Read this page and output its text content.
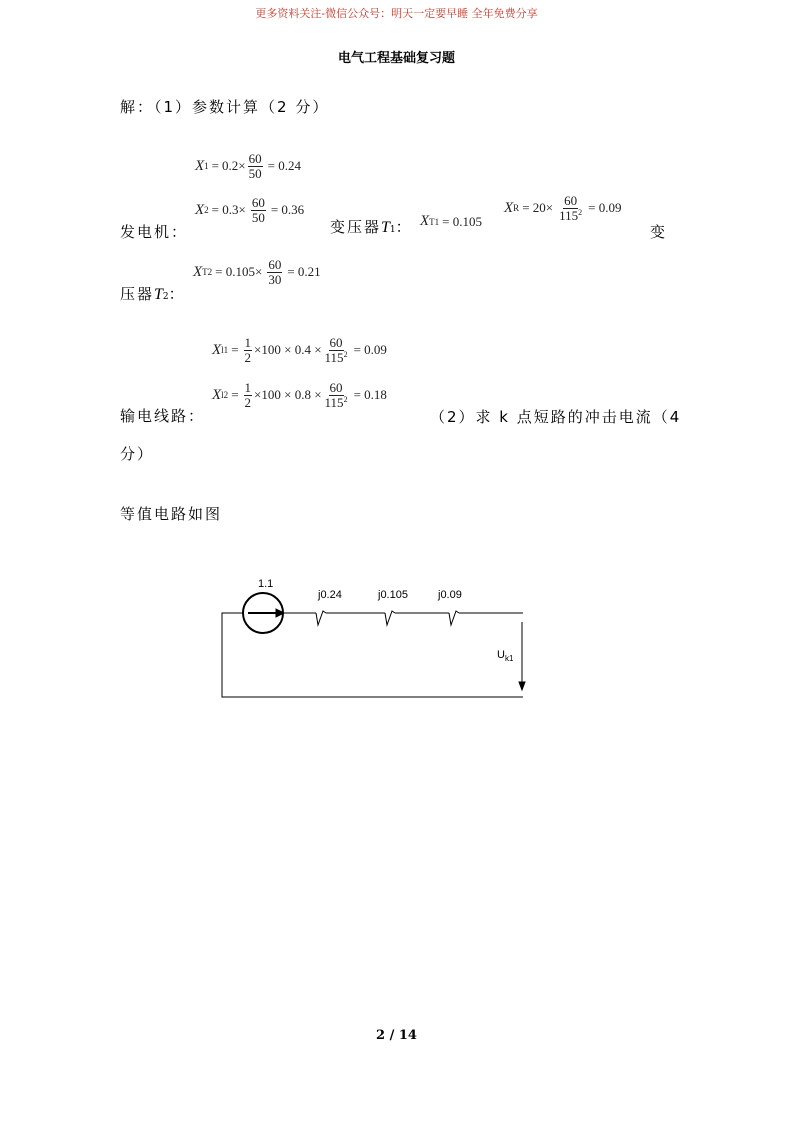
更多资料关注-微信公众号：明天一定要早睡 全年免费分享
电气工程基础复习题
解：（1）参数计算（2 分）
X $1 = 0.2\times \frac{60}{50} = 0.24$
发电机：
X $2 = 0.3\times \frac{60}{50} = 0.36$
变压器 T 1 ： X T1 = 0.105
X $R = 20\times \frac{60}{115^2} = 0.09$
变
压器 T 2 ：
X $T2 = 0.105\times \frac{60}{30} = 0.21$
X $l1 = \frac{1}{2} \times 100 \times 0.4 \times \frac{60}{115^2} = 0.09$
输电线路：
X $l2 = \frac{1}{2} \times 100 \times 0.8 \times \frac{60}{115^2} = 0.18$
（2）求 k 点短路的冲击电流（4
分）
等值电路如图
1.1
j0.24	j0.105	j0.09
$U_{k1}$
2 / 14
